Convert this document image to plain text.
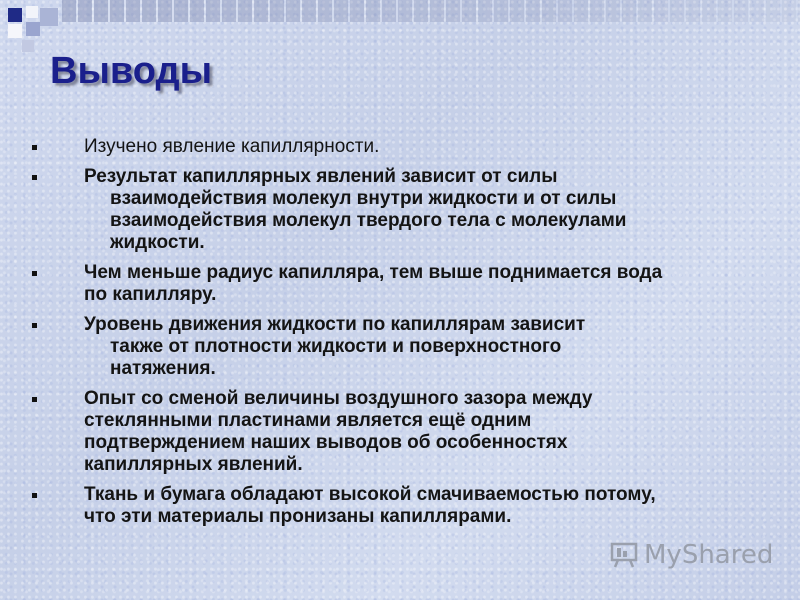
Выводы
Изучено явление капиллярности.
Результат капиллярных явлений зависит от силы
взаимодействия молекул внутри жидкости и от силы
взаимодействия молекул твердого тела с молекулами
жидкости.
Чем меньше радиус капилляра, тем выше поднимается вода
по капилляру.
Уровень движения жидкости по капиллярам зависит
также от плотности жидкости и поверхностного
натяжения.
Опыт со сменой величины воздушного зазора между
стеклянными пластинами является ещё одним
подтверждением наших выводов об особенностях
капиллярных явлений.
Ткань и бумага обладают высокой смачиваемостью потому,
что эти материалы пронизаны капиллярами.
MyShared
